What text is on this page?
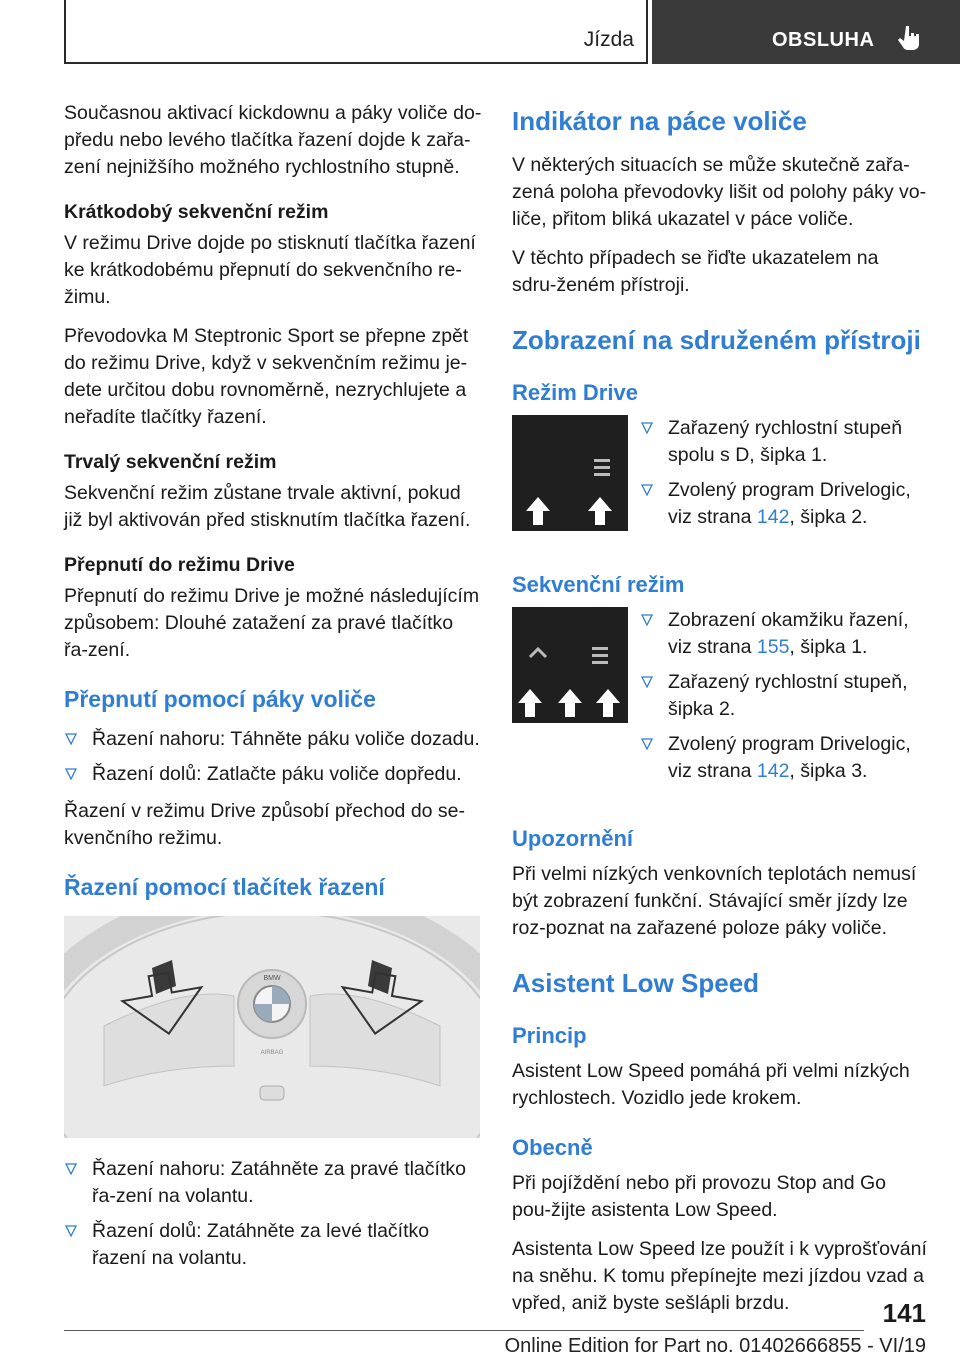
Jízda	OBSLUHA

Současnou aktivací kickdownu a páky voliče do‐předu nebo levého tlačítka řazení dojde k zařa‐zení nejnižšího možného rychlostního stupně.

Krátkodobý sekvenční režim

V režimu Drive dojde po stisknutí tlačítka řazení ke krátkodobému přepnutí do sekvenčního re‐žimu.

Převodovka M Steptronic Sport se přepne zpět do režimu Drive, když v sekvenčním režimu je‐dete určitou dobu rovnoměrně, nezrychlujete a neřadíte tlačítky řazení.

Trvalý sekvenční režim

Sekvenční režim zůstane trvale aktivní, pokud již byl aktivován před stisknutím tlačítka řazení.

Přepnutí do režimu Drive

Přepnutí do režimu Drive je možné následujícím způsobem: Dlouhé zatažení za pravé tlačítko řa‐zení.

Přepnutí pomocí páky voliče
Řazení nahoru: Táhněte páku voliče dozadu.
Řazení dolů: Zatlačte páku voliče dopředu.

Řazení v režimu Drive způsobí přechod do se‐kvenčního režimu.

Řazení pomocí tlačítek řazení
BMW
AIRBAG
Řazení nahoru: Zatáhněte za pravé tlačítko řa‐zení na volantu.
Řazení dolů: Zatáhněte za levé tlačítko řazení na volantu.
Indikátor na páce voliče

V některých situacích se může skutečně zařa‐zená poloha převodovky lišit od polohy páky vo‐liče, přitom bliká ukazatel v páce voliče.

V těchto případech se řiďte ukazatelem na sdru‐ženém přístroji.

Zobrazení na sdruženém přístroji
Režim Drive
Zařazený rychlostní stupeň spolu s D, šipka 1.
Zvolený program Drivelogic, viz strana 142, šipka 2.
Sekvenční režim
Zobrazení okamžiku řazení, viz strana 155, šipka 1.
Zařazený rychlostní stupeň, šipka 2.
Zvolený program Drivelogic, viz strana 142, šipka 3.
Upozornění

Při velmi nízkých venkovních teplotách nemusí být zobrazení funkční. Stávající směr jízdy lze roz‐poznat na zařazené poloze páky voliče.

Asistent Low Speed
Princip

Asistent Low Speed pomáhá při velmi nízkých rychlostech. Vozidlo jede krokem.

Obecně

Při pojíždění nebo při provozu Stop and Go pou‐žijte asistenta Low Speed.

Asistenta Low Speed lze použít i k vyprošťování na sněhu. K tomu přepínejte mezi jízdou vzad a vpřed, aniž byste sešlápli brzdu.	141
Online Edition for Part no. 01402666855 - VI/19
